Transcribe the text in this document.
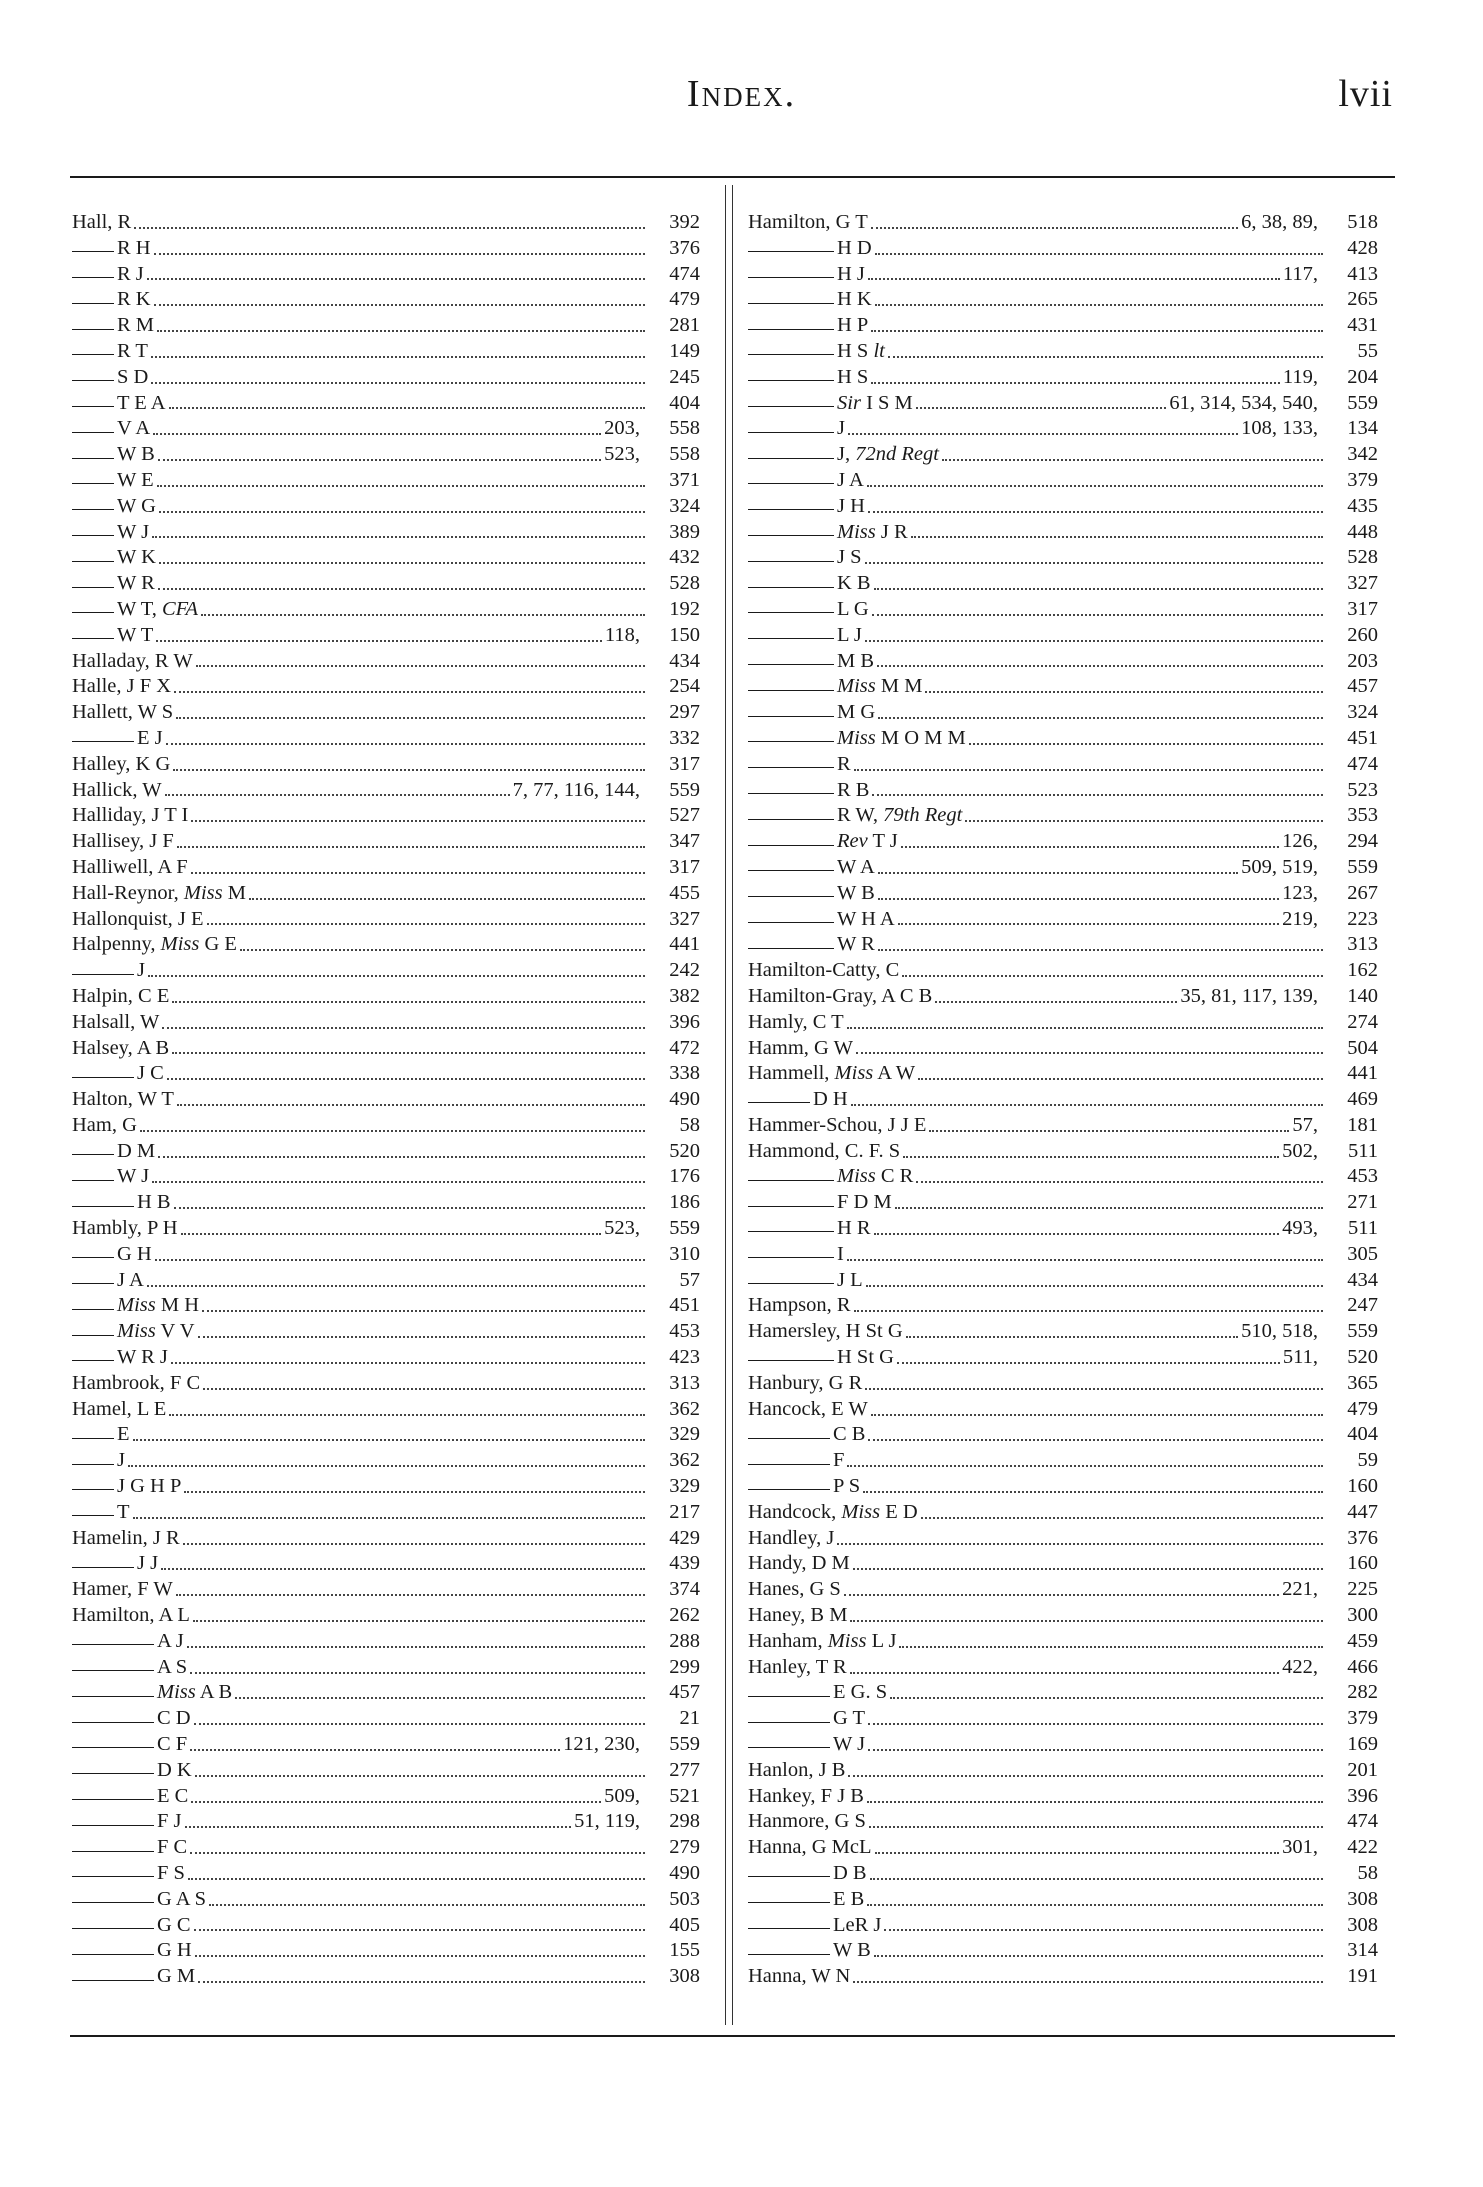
Index.	lvii
Hall, R	392
R H	376
R J	474
R K	479
R M	281
R T	149
S D	245
T E A	404
V A	203,	558
W B	523,	558
W E	371
W G	324
W J	389
W K	432
W R	528
W T, CFA	192
W T	118,	150
Halladay, R W	434
Halle, J F X	254
Hallett, W S	297
E J	332
Halley, K G	317
Hallick, W	7, 77, 116, 144,	559
Halliday, J T I	527
Hallisey, J F	347
Halliwell, A F	317
Hall-Reynor, Miss M	455
Hallonquist, J E	327
Halpenny, Miss G E	441
J	242
Halpin, C E	382
Halsall, W	396
Halsey, A B	472
J C	338
Halton, W T	490
Ham, G	58
D M	520
W J	176
H B	186
Hambly, P H	523,	559
G H	310
J A	57
Miss M H	451
Miss V V	453
W R J	423
Hambrook, F C	313
Hamel, L E	362
E	329
J	362
J G H P	329
T	217
Hamelin, J R	429
J J	439
Hamer, F W	374
Hamilton, A L	262
A J	288
A S	299
Miss A B	457
C D	21
C F	121, 230,	559
D K	277
E C	509,	521
F J	51, 119,	298
F C	279
F S	490
G A S	503
G C	405
G H	155
G M	308
Hamilton, G T	6, 38, 89,	518
H D	428
H J	117,	413
H K	265
H P	431
H S lt	55
H S	119,	204
Sir I S M	61, 314, 534, 540,	559
J	108, 133,	134
J, 72nd Regt	342
J A	379
J H	435
Miss J R	448
J S	528
K B	327
L G	317
L J	260
M B	203
Miss M M	457
M G	324
Miss M O M M	451
R	474
R B	523
R W, 79th Regt	353
Rev T J	126,	294
W A	509, 519,	559
W B	123,	267
W H A	219,	223
W R	313
Hamilton-Catty, C	162
Hamilton-Gray, A C B	35, 81, 117, 139,	140
Hamly, C T	274
Hamm, G W	504
Hammell, Miss A W	441
D H	469
Hammer-Schou, J J E	57,	181
Hammond, C. F. S	502,	511
Miss C R	453
F D M	271
H R	493,	511
I	305
J L	434
Hampson, R	247
Hamersley, H St G	510, 518,	559
H St G	511,	520
Hanbury, G R	365
Hancock, E W	479
C B	404
F	59
P S	160
Handcock, Miss E D	447
Handley, J	376
Handy, D M	160
Hanes, G S	221,	225
Haney, B M	300
Hanham, Miss L J	459
Hanley, T R	422,	466
E G. S	282
G T	379
W J	169
Hanlon, J B	201
Hankey, F J B	396
Hanmore, G S	474
Hanna, G McL	301,	422
D B	58
E B	308
LeR J	308
W B	314
Hanna, W N	191
